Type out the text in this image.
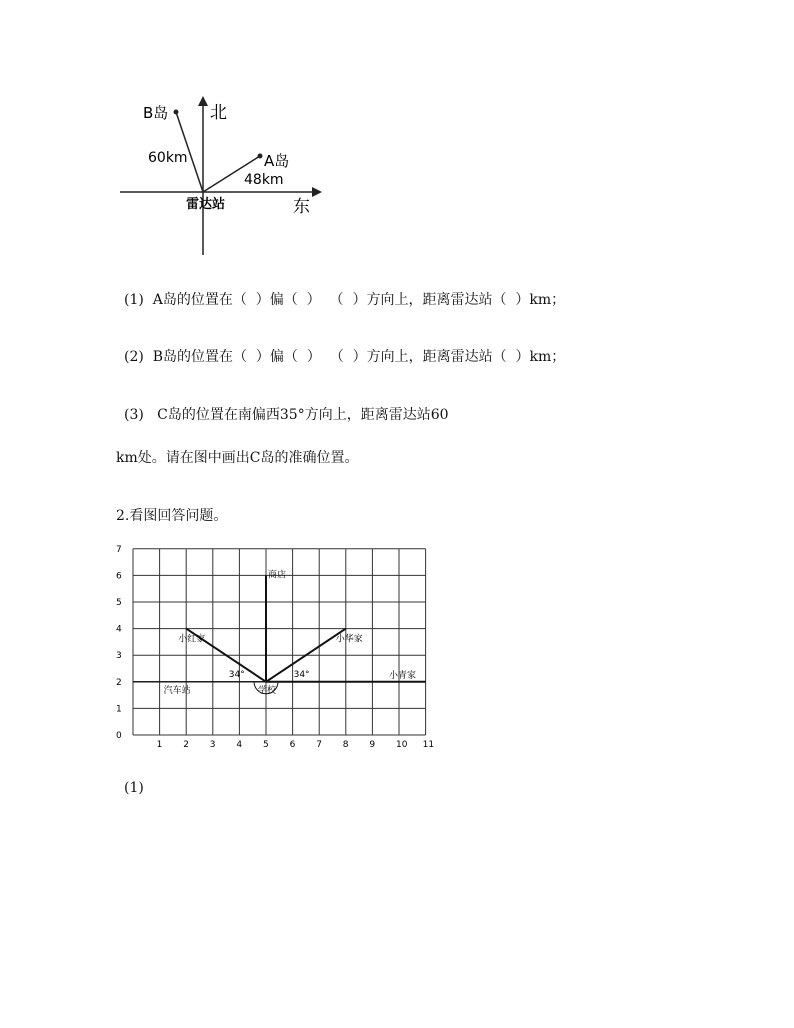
北
东
B岛
A岛
60km
48km
雷达站
(1)  A岛的位置在（  ）偏（  ）  （  ）方向上，距离雷达站（  ）km；
(2)  B岛的位置在（  ）偏（  ）  （  ）方向上，距离雷达站（  ）km；
(3)   C岛的位置在南偏西35°方向上，距离雷达站60
km处。请在图中画出C岛的准确位置。
2.看图回答问题。
1 2 3 4 5 6 7 8 9 10 11
0
1
2
3
4
5
6
7
商店
小红家	小华家
小青家
汽车站	学校
34°	34°
(1)
